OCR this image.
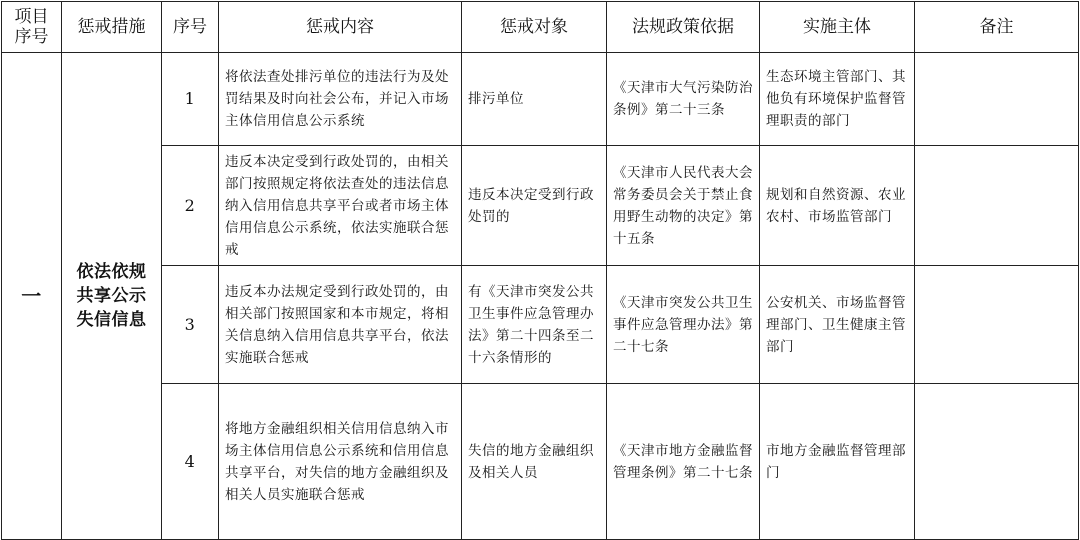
项目序号	惩戒措施	序号	惩戒内容	惩戒对象	法规政策依据	实施主体	备注
一	依法依规共享公示失信信息	1	将依法查处排污单位的违法行为及处罚结果及时向社会公布，并记入市场主体信用信息公示系统	排污单位	《天津市大气污染防治条例》第二十三条	生态环境主管部门、其他负有环境保护监督管理职责的部门	
		2	违反本决定受到行政处罚的，由相关部门按照规定将依法查处的违法信息纳入信用信息共享平台或者市场主体信用信息公示系统，依法实施联合惩戒	违反本决定受到行政处罚的	《天津市人民代表大会常务委员会关于禁止食用野生动物的决定》第十五条	规划和自然资源、农业农村、市场监管部门	
		3	违反本办法规定受到行政处罚的，由相关部门按照国家和本市规定，将相关信息纳入信用信息共享平台，依法实施联合惩戒	有《天津市突发公共卫生事件应急管理办法》第二十四条至二十六条情形的	《天津市突发公共卫生事件应急管理办法》第二十七条	公安机关、市场监督管理部门、卫生健康主管部门	
		4	将地方金融组织相关信用信息纳入市场主体信用信息公示系统和信用信息共享平台，对失信的地方金融组织及相关人员实施联合惩戒	失信的地方金融组织及相关人员	《天津市地方金融监督管理条例》第二十七条	市地方金融监督管理部门	
